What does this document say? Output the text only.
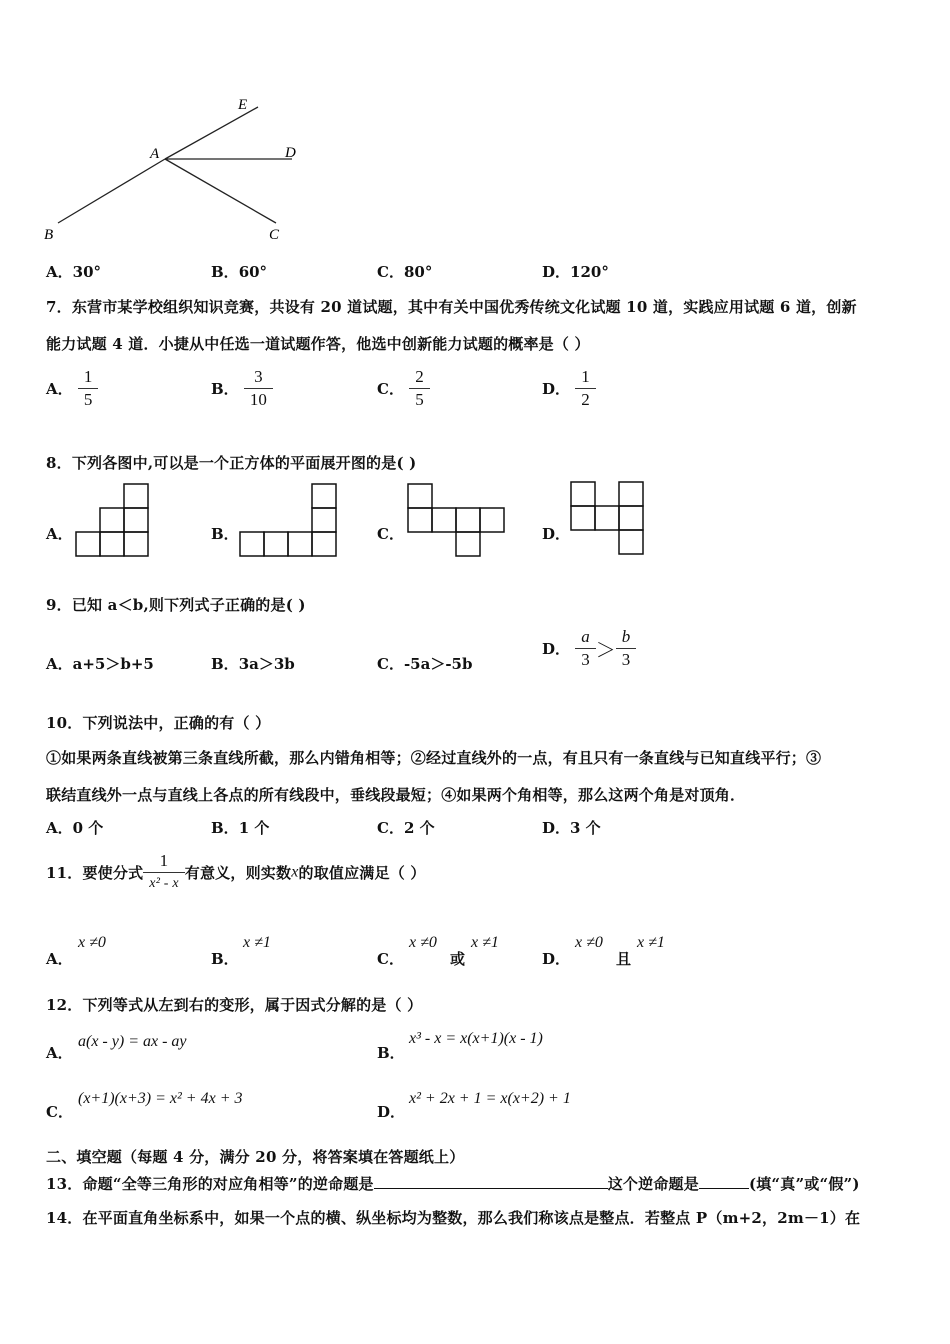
A
B	C
D
E
A．30°	B．60°	C．80°	D．120°
7．东营市某学校组织知识竞赛，共设有 20 道试题，其中有关中国优秀传统文化试题 10 道，实践应用试题 6 道，创新
能力试题 4 道．小捷从中任选一道试题作答，他选中创新能力试题的概率是（ ）
A． $\frac{1}{5}$	B． $\frac{3}{10}$	C． $\frac{2}{5}$	D． $\frac{1}{2}$
8．下列各图中,可以是一个正方体的平面展开图的是( )
A．	B．	C．	D．
9．已知 a＜b,则下列式子正确的是( )
A．a+5＞b+5	B．3a＞3b	C．-5a＞-5b
D． $\frac{a}{3} > \frac{b}{3}$
10．下列说法中，正确的有（ ）
①如果两条直线被第三条直线所截，那么内错角相等；②经过直线外的一点，有且只有一条直线与已知直线平行；③
联结直线外一点与直线上各点的所有线段中，垂线段最短；④如果两个角相等，那么这两个角是对顶角．
A．0 个	B．1 个	C．2 个	D．3 个
11．要使分式 $\frac{1}{\text{x² - x}}$ 有意义，则实数x的取值应满足（ ）
A．
x ≠0
B．
x ≠1
C．
x ≠0
或
x ≠1
D．
x ≠0
且
x ≠1
12．下列等式从左到右的变形，属于因式分解的是（ ）
A．
a(x - y) = ax - ay
B．
x³ - x = x(x+1)(x - 1)
C．
(x+1)(x+3) = x² + 4x + 3
D．
x² + 2x + 1 = x(x+2) + 1
二、填空题（每题 4 分，满分 20 分，将答案填在答题纸上）
13．命题“全等三角形的对应角相等”的逆命题是	这个逆命题是	(填“真”或“假”)
14．在平面直角坐标系中，如果一个点的横、纵坐标均为整数，那么我们称该点是整点．若整点 P（m+2，2m－1）在
